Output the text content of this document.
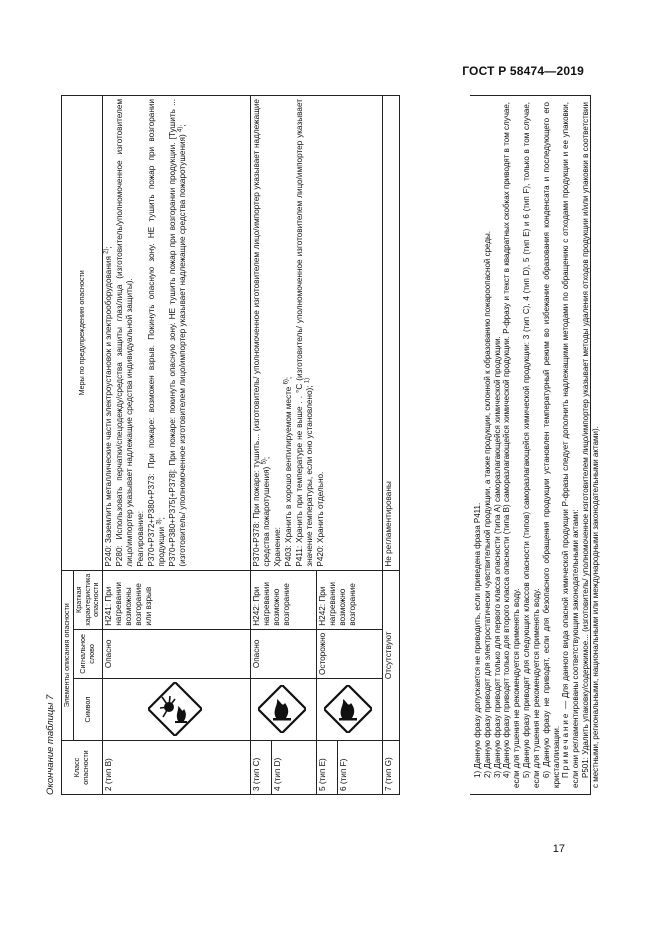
ГОСТ Р 58474—2019
Окончание таблицы 7 Класс опасности	Элементы описания опасности			Меры по предупреждению опасности
	Символ	Сигнальное слово	Краткая характеристика опасности	
2 (тип B)		Опасно	H241: При нагревании возможны возгорание или взрыв	P240: Заземлить металлические части электроустановок и электрооборудования $^{2)}$; P280: Использовать перчатки/спецодежду/средства защиты глаз/лица (изготовитель/уполномоченное изготовителем лицо/импортер указывает надлежащие средства индивидуальной защиты). Реагирование: P370+P372+P380+P373: При пожаре: возможен взрыв. Покинуть опасную зону. НЕ тушить пожар при возгорании продукции $^{3)}$; P370+P380+P375[+P378]: При пожаре: покинуть опасную зону. НЕ тушить пожар при возгорании продукции. [Тушить ... (изготовитель/ уполномоченное изготовителем лицо/импортер указывает надлежащие средства пожаротушения) $^{4)}$;

3 (тип C)		Опасно	H242: При нагревании возможно возгорание	P370+P378: При пожаре: тушить... (изготовитель/ уполномоченное изготовителем лицо/импортер указывает надлежащие средства пожаротушения) $^{5)}$;

Хранение: P403: Хранить в хорошо вентилируемом месте $^{6)}$; P411: Хранить при температуре не выше . . °C (изготовитель/ уполномоченное изготовителем лицо/импортер указывает значение температуры, если оно установлено); $^{1)}$

P420: Хранить отдельно.

4 (тип D)				
5 (тип E)		Осторожно	H242: При нагревании возможно возгорание	
6 (тип F)				
7 (тип G)	Отсутствуют			Не регламентированы	1) Данную фразу допускается не приводить, если приведена фраза P411. 2) Данную фразу приводят для электростатически чувствительной продукции, а также продукции, склонной к образованию пожароопасной среды. 3) Данную фразу приводят только для первого класса опасности (типа A) саморазлагающейся химической продукции. 4) Данную фразу приводят только для второго класса опасности (типа B) саморазлагающейся химической продукции. P-фразу и текст в квадратных скобках приводят в том случае, если для тушения не рекомендуется применять воду. 5) Данную фразу приводят для следующих классов опасности (типов) саморазлагающейся химической продукции: 3 (тип C), 4 (тип D), 5 (тип E) и 6 (тип F), только в том случае, если для тушения не рекомендуется применять воду. 6) Данную фразу не приводят, если для безопасного обращения продукции установлен температурный режим во избежание образования конденсата и последующего его кристаллизации. Примечание — Для данного вида опасной химической продукции P-фразы следует дополнить надлежащими методами по обращению с отходами продукции и ее упаковки, если они регламентированы соответствующим законодательными актами: P501: Удалить упаковку/содержимое... (изготовитель/ уполномоченное изготовителем лицо/импортер указывает методы удаления отходов продукции и/или упаковки в соответствии с местными, региональными, национальными или международными законодательными актами).

17
